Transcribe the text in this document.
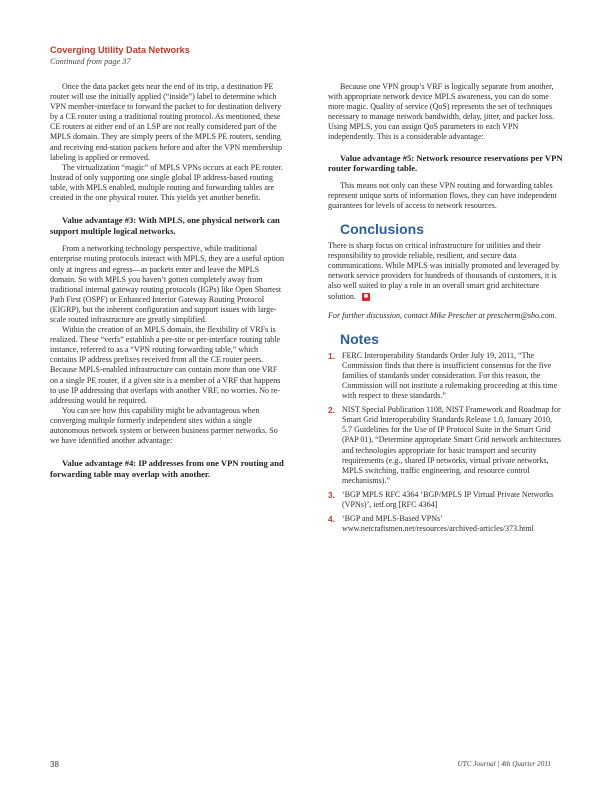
Coverging Utility Data Networks
Continued from page 37

Once the data packet gets near the end of its trip, a destination PE router will use the initially applied (“inside”) label to determine which VPN member-interface to forward the packet to for destination delivery by a CE router using a traditional routing protocol. As mentioned, these CE routers at either end of an LSP are not really considered part of the MPLS domain. They are simply peers of the MPLS PE routers, sending and receiving end-station packets before and after the VPN membership labeling is applied or removed.

The virtualization “magic” of MPLS VPNs occurs at each PE router. Instead of only supporting one single global IP address-based routing table, with MPLS enabled, multiple routing and forwarding tables are created in the one physical router. This yields yet another benefit.

Value advantage #3: With MPLS, one physical network can support multiple logical networks.

From a networking technology perspective, while traditional enterprise routing protocols interact with MPLS, they are a useful option only at ingress and egress—as packets enter and leave the MPLS domain. So with MPLS you haven’t gotten completely away from traditional internal gateway routing protocols (IGPs) like Open Shortest Path First (OSPF) or Enhanced Interior Gateway Routing Protocol (EIGRP), but the inherent configuration and support issues with large-scale routed infrastructure are greatly simplified.

Within the creation of an MPLS domain, the flexibility of VRFs is realized. These “verfs” establish a per-site or per-interface routing table instance, referred to as a “VPN routing forwarding table,” which contains IP address prefixes received from all the CE router peers. Because MPLS-enabled infrastructure can contain more than one VRF on a single PE router, if a given site is a member of a VRF that happens to use IP addressing that overlaps with another VRF, no worries. No re-addressing would be required.

You can see how this capability might be advantageous when converging multiple formerly independent sites within a single autonomous network system or between business partner networks. So we have identified another advantage:

Value advantage #4: IP addresses from one VPN routing and forwarding table may overlap with another.

Because one VPN group’s VRF is logically separate from another, with appropriate network device MPLS awareness, you can do some more magic. Quality of service (QoS) represents the set of techniques necessary to manage network bandwidth, delay, jitter, and packet loss. Using MPLS, you can assign QoS parameters to each VPN independently. This is a considerable advantage:

Value advantage #5: Network resource reservations per VPN router forwarding table.

This means not only can these VPN routing and forwarding tables represent unique sorts of information flows, they can have independent guarantees for levels of access to network resources.

Conclusions

There is sharp focus on critical infrastructure for utilities and their responsibility to provide reliable, resilient, and secure data communications. While MPLS was initially promoted and leveraged by network service providers for hundreds of thousands of customers, it is also well suited to play a role in an overall smart grid architecture solution. ■

For further discussion, contact Mike Prescher at prescherm@sbo.com.

Notes

1. FERC Interoperability Standards Order July 19, 2011, “The Commission finds that there is insufficient consensus for the five families of standards under consideration. For this reason, the Commission will not institute a rulemaking proceeding at this time with respect to these standards.”
2. NIST Special Publication 1108, NIST Framework and Roadmap for Smart Grid Interoperability Standards Release 1.0, January 2010, 5.7 Guidelines for the Use of IP Protocol Suite in the Smart Grid (PAP 01), “Determine appropriate Smart Grid network architectures and technologies appropriate for basic transport and security requirements (e.g., shared IP networks, virtual private networks, MPLS switching, traffic engineering, and resource control mechanisms).”
3. ‘BGP MPLS RFC 4364 ‘BGP/MPLS IP Virtual Private Networks (VPNs)’, ietf.org [RFC 4364]
4. ‘BGP and MPLS-Based VPNs’ www.netcraftsmen.net/resources/archived-articles/373.html
38	UTC Journal | 4th Quarter 2011
